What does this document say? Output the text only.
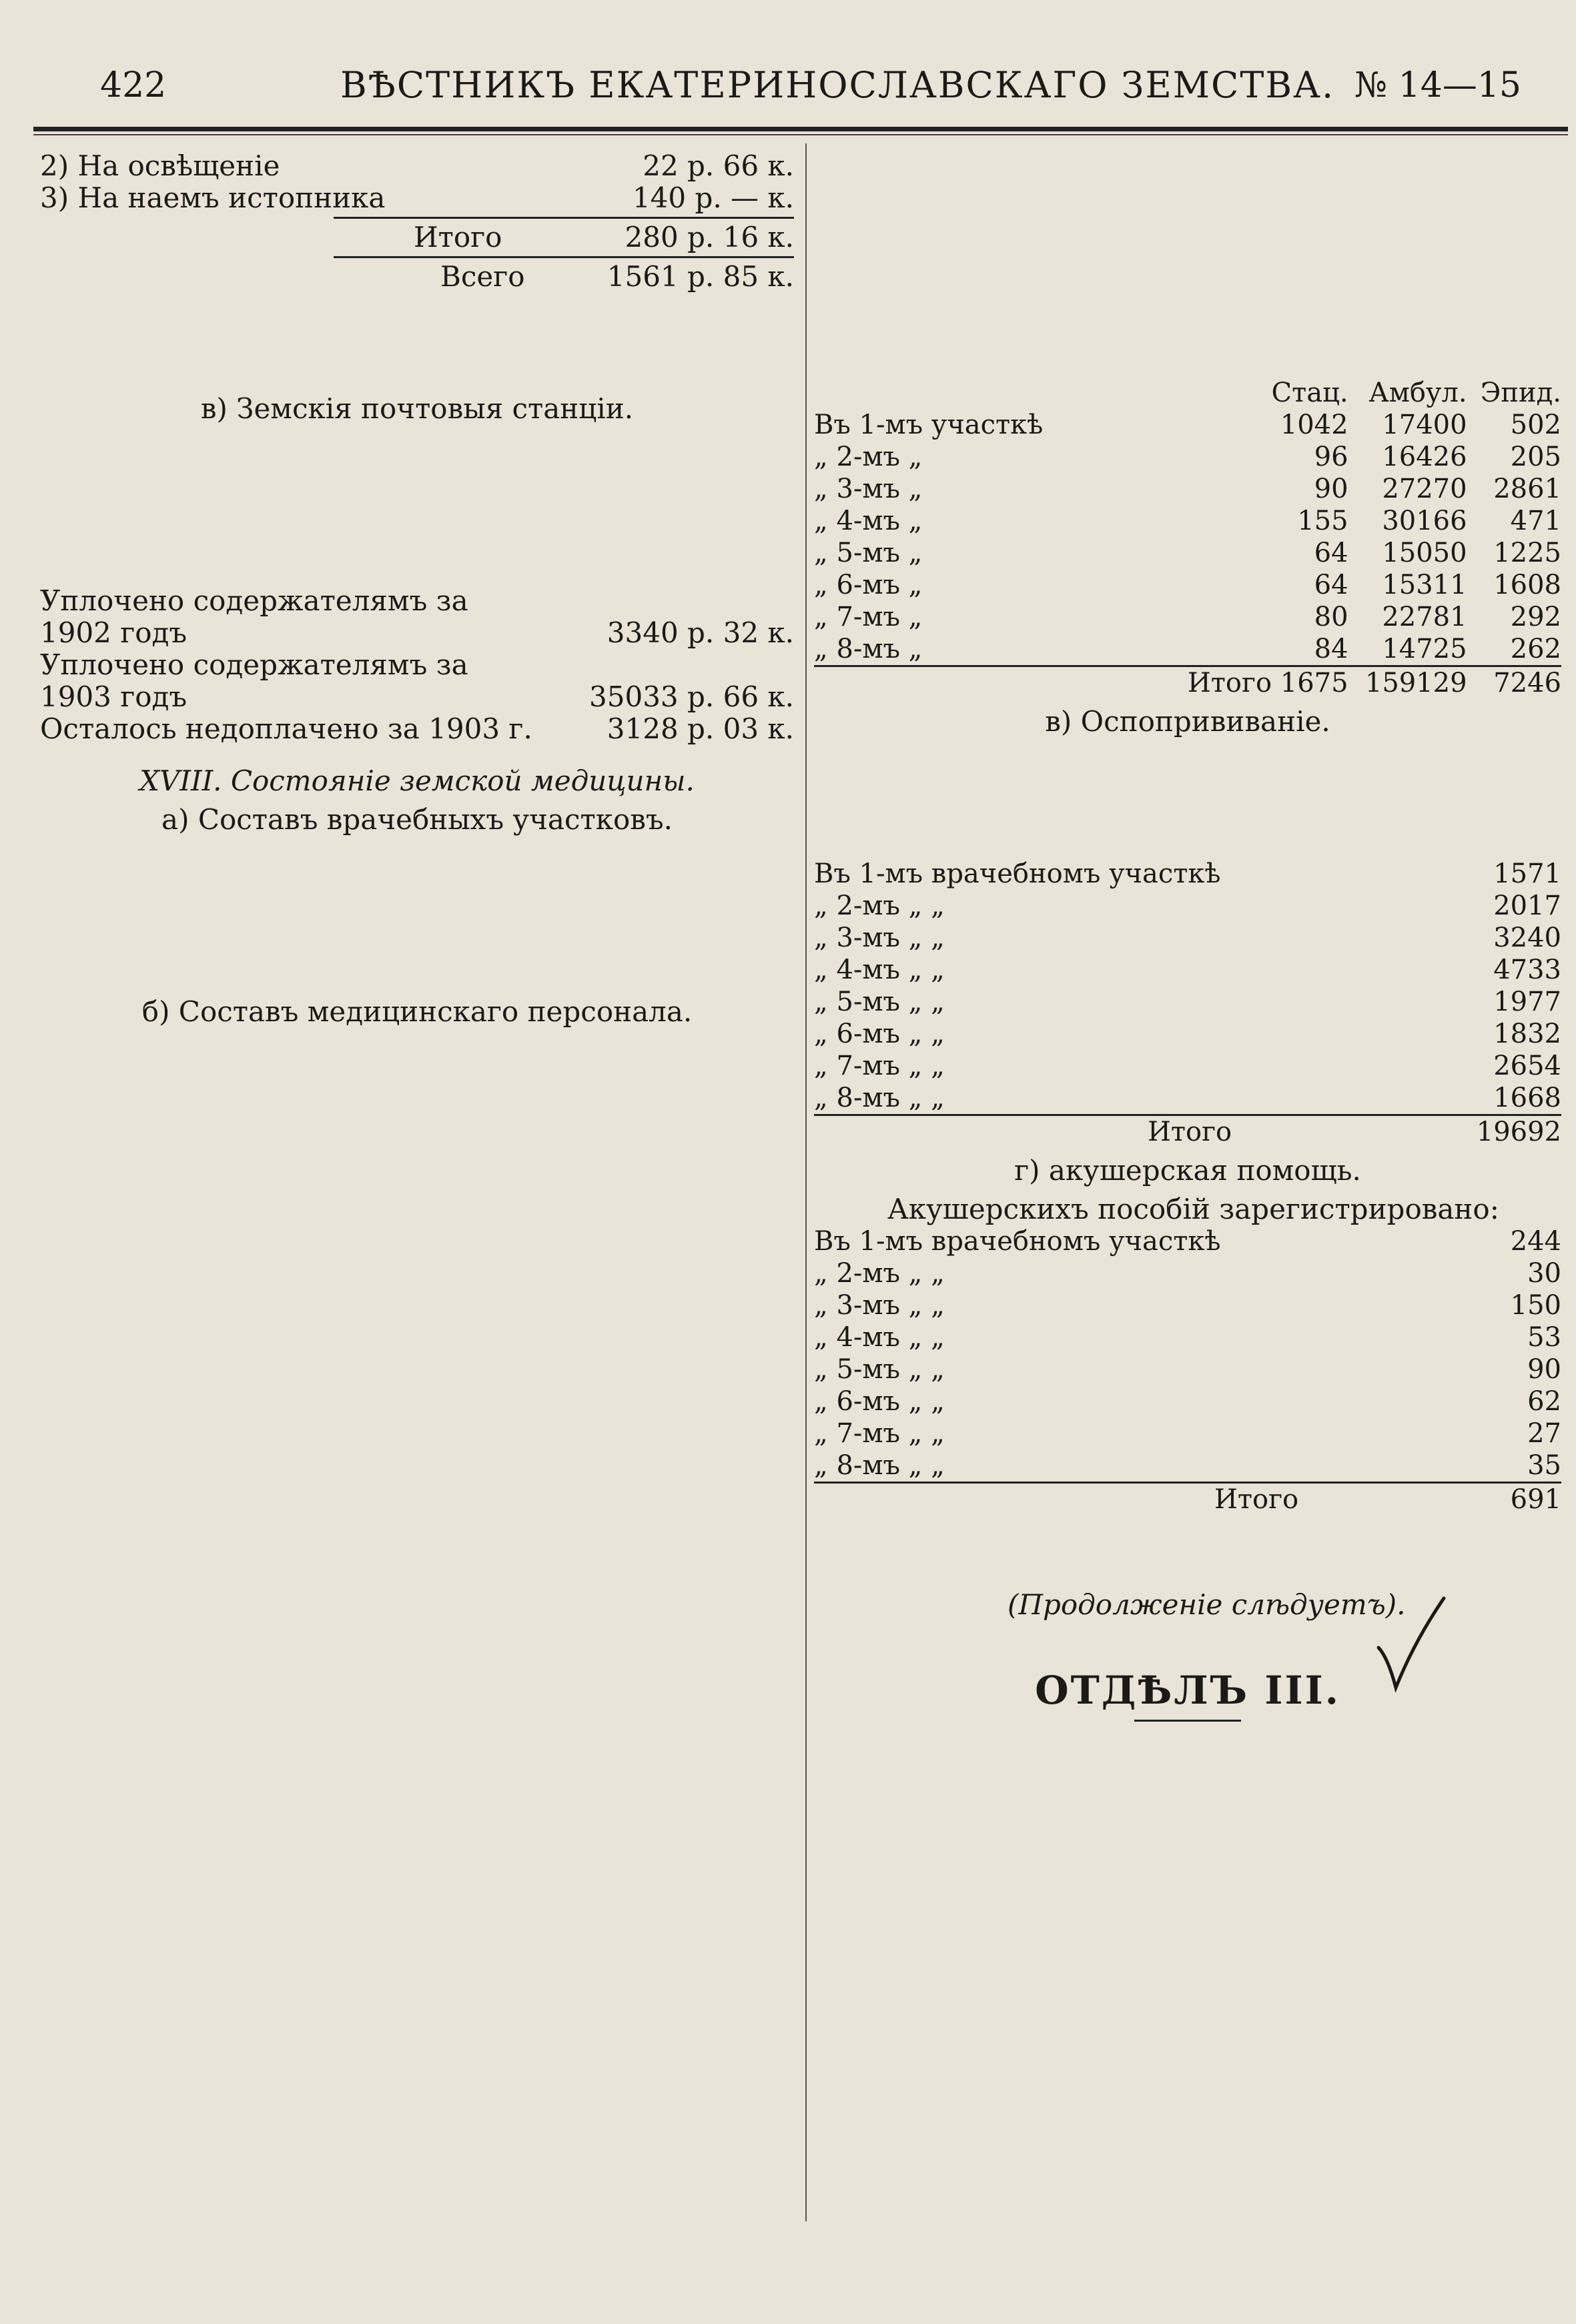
422	ВѢСТНИКЪ ЕКАТЕРИНОСЛАВСКАГО ЗЕМСТВА. № 14—15
2) На освѣщеніе	22 р. 66 к.
3) На наемъ истопника	140 р. — к.
Итого	280 р. 16 к.
Всего	1561 р. 85 к.
в) Земскія почтовыя станціи.
Уплочено содержателямъ за 1902 годъ	3340 р. 32 к.
Уплочено содержателямъ за 1903 годъ	35033 р. 66 к.
Осталось недоплачено за 1903 г.	3128 р. 03 к.
XVIII. Состояніе земской медицины.
а) Составъ врачебныхъ участковъ.
б) Составъ медицинскаго персонала.
	Стац.	Амбул.	Эпид.
Въ 1-мъ участкѣ	1042	17400	502
„ 2-мъ „	96	16426	205
„ 3-мъ „	90	27270	2861
„ 4-мъ „	155	30166	471
„ 5-мъ „	64	15050	1225
„ 6-мъ „	64	15311	1608
„ 7-мъ „	80	22781	292
„ 8-мъ „	84	14725	262
	Итого 1675	159129	7246
в) Оспопрививаніе.
Въ 1-мъ врачебномъ участкѣ	1571
„ 2-мъ „ „	2017
„ 3-мъ „ „	3240
„ 4-мъ „ „	4733
„ 5-мъ „ „	1977
„ 6-мъ „ „	1832
„ 7-мъ „ „	2654
„ 8-мъ „ „	1668
Итого	19692
г) акушерская помощь.
Акушерскихъ пособій зарегистрировано:
Въ 1-мъ врачебномъ участкѣ	244
„ 2-мъ „ „	30
„ 3-мъ „ „	150
„ 4-мъ „ „	53
„ 5-мъ „ „	90
„ 6-мъ „ „	62
„ 7-мъ „ „	27
„ 8-мъ „ „	35
Итого	691
(Продолженіе слѣдуетъ).
ОТДѢЛЪ III.
